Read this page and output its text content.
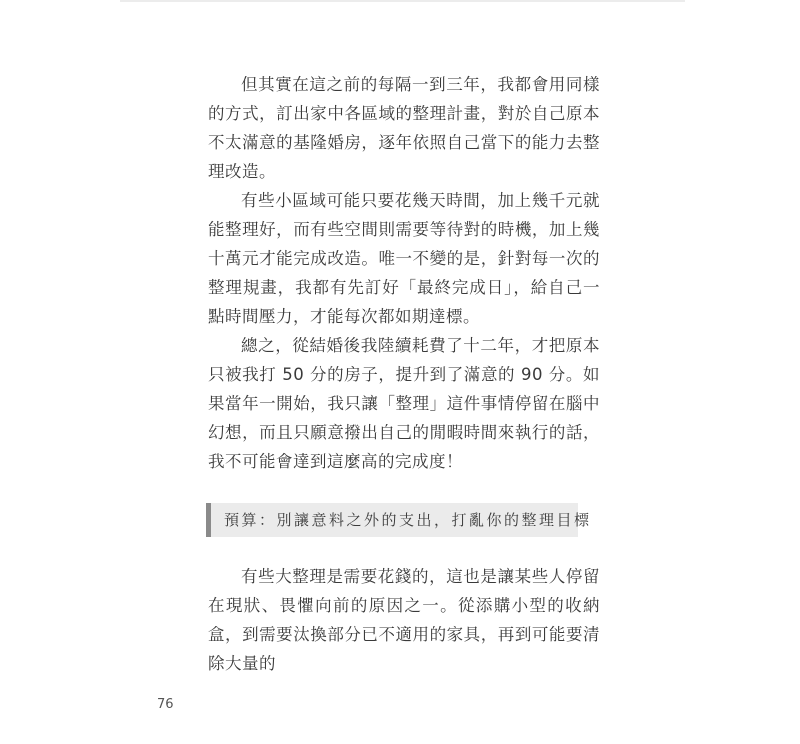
但其實在這之前的每隔一到三年，我都會用同樣的方式，訂出家中各區域的整理計畫，對於自己原本不太滿意的基隆婚房，逐年依照自己當下的能力去整理改造。

有些小區域可能只要花幾天時間，加上幾千元就能整理好，而有些空間則需要等待對的時機，加上幾十萬元才能完成改造。唯一不變的是，針對每一次的整理規畫，我都有先訂好「最終完成日」，給自己一點時間壓力，才能每次都如期達標。

總之，從結婚後我陸續耗費了十二年，才把原本只被我打 50 分的房子，提升到了滿意的 90 分。如果當年一開始，我只讓「整理」這件事情停留在腦中幻想，而且只願意撥出自己的閒暇時間來執行的話，我不可能會達到這麼高的完成度！

預算：別讓意料之外的支出，打亂你的整理目標

有些大整理是需要花錢的，這也是讓某些人停留在現狀、畏懼向前的原因之一。從添購小型的收納盒，到需要汰換部分已不適用的家具，再到可能要清除大量的

76
